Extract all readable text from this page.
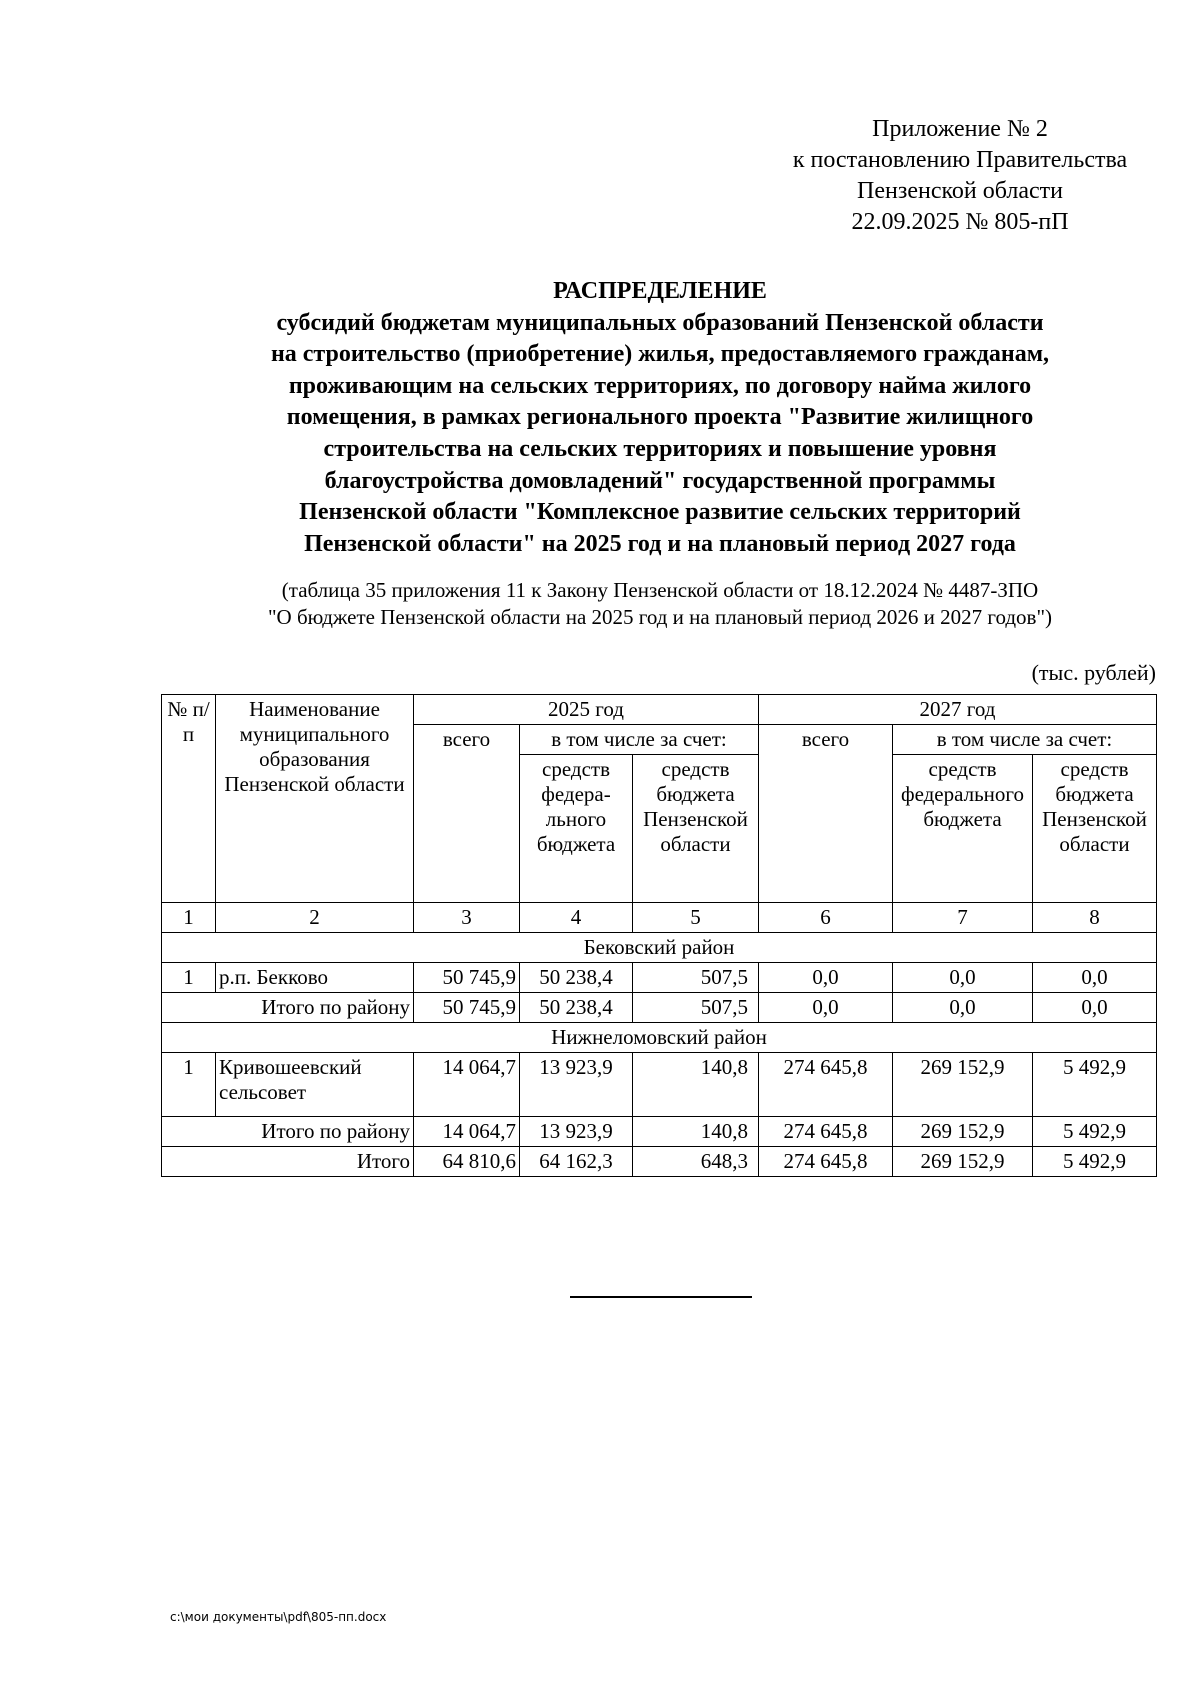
Приложение № 2
к постановлению Правительства
Пензенской области
22.09.2025 № 805-пП
РАСПРЕДЕЛЕНИЕ
субсидий бюджетам муниципальных образований Пензенской области
на строительство (приобретение) жилья, предоставляемого гражданам,
проживающим на сельских территориях, по договору найма жилого
помещения, в рамках регионального проекта "Развитие жилищного
строительства на сельских территориях и повышение уровня
благоустройства домовладений" государственной программы
Пензенской области "Комплексное развитие сельских территорий
Пензенской области" на 2025 год и на плановый период 2027 года
(таблица 35 приложения 11 к Закону Пензенской области от 18.12.2024 № 4487-ЗПО
"О бюджете Пензенской области на 2025 год и на плановый период 2026 и 2027 годов")
(тыс. рублей)
№ п/п	Наименование муниципального образования Пензенской области	2025 год			2027 год		
		всего	в том числе за счет:		всего	в том числе за счет:	
			средств федера-льного бюджета	средств бюджета Пензенской области		средств федерального бюджета	средств бюджета Пензенской области
1	2	3	4	5	6	7	8
Бековский район							
1	р.п. Бекково	50 745,9	50 238,4	507,5	0,0	0,0	0,0
Итого по району		50 745,9	50 238,4	507,5	0,0	0,0	0,0
Нижнеломовский район							
1	Кривошеевский сельсовет	14 064,7	13 923,9	140,8	274 645,8	269 152,9	5 492,9
Итого по району		14 064,7	13 923,9	140,8	274 645,8	269 152,9	5 492,9
Итого		64 810,6	64 162,3	648,3	274 645,8	269 152,9	5 492,9
c:\мои документы\pdf\805-пп.docx
